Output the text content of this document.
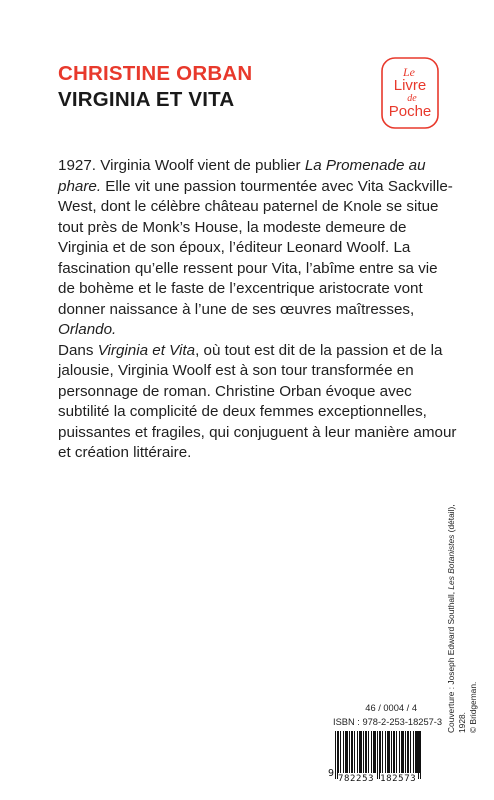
CHRISTINE ORBAN
VIRGINIA ET VITA
Le
Livre
de
Poche

1927. Virginia Woolf vient de publier La Promenade au phare. Elle vit une passion tourmentée avec Vita Sackville-West, dont le célèbre château paternel de Knole se situe tout près de Monk’s House, la modeste demeure de Virginia et de son époux, l’éditeur Leonard Woolf. La fascination qu’elle ressent pour Vita, l’abîme entre sa vie de bohème et le faste de l’excentrique aristocrate vont donner naissance à l’une de ses œuvres maîtresses, Orlando.

Dans Virginia et Vita, où tout est dit de la passion et de la jalousie, Virginia Woolf est à son tour transformée en personnage de roman. Christine Orban évoque avec subtilité la complicité de deux femmes exceptionnelles, puissantes et fragiles, qui conjuguent à leur manière amour et création littéraire.

Couverture : Joseph Edward Southall, Les Botanistes (détail), 1928. © Bridgeman.
46 / 0004 / 4
ISBN : 978-2-253-18257-3
9 782253 182573
